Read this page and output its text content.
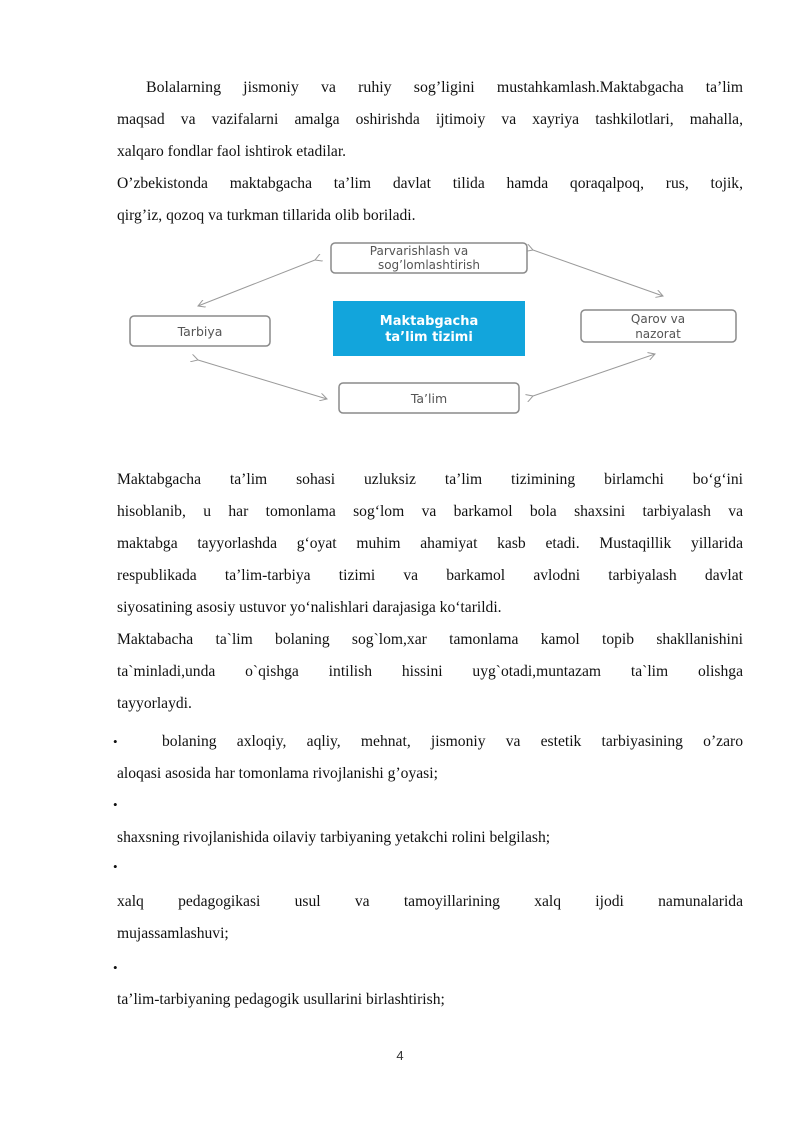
Bolalarning jismoniy va ruhiy sog’ligini mustahkamlash.Maktabgacha ta’lim
maqsad va vazifalarni amalga oshirishda ijtimoiy va xayriya tashkilotlari, mahalla,
xalqaro fondlar faol ishtirok etadilar.

O’zbekistonda maktabgacha ta’lim davlat tilida hamda qoraqalpoq, rus, tojik,
qirg’iz, qozoq va turkman tillarida olib boriladi.

Parvarishlash va
sog’lomlashtirish
Maktabgacha
ta’lim tizimi
Tarbiya
Qarov va
nazorat
Ta’lim

Maktabgacha ta’lim sohasi uzluksiz ta’lim tizimining birlamchi bo‘g‘ini
hisoblanib, u har tomonlama sog‘lom va barkamol bola shaxsini tarbiyalash va
maktabga tayyorlashda g‘oyat muhim ahamiyat kasb etadi. Mustaqillik yillarida
respublikada ta’lim-tarbiya tizimi va barkamol avlodni tarbiyalash davlat
siyosatining asosiy ustuvor yo‘nalishlari darajasiga ko‘tarildi.

Maktabacha ta`lim bolaning sog`lom,xar tamonlama kamol topib shakllanishini
ta`minladi,unda o`qishga intilish hissini uyg`otadi,muntazam ta`lim olishga
tayyorlaydi.

•	bolaning axloqiy, aqliy, mehnat, jismoniy va estetik tarbiyasining o’zaro

aloqasi asosida har tomonlama rivojlanishi g’oyasi;

•

shaxsning rivojlanishida oilaviy tarbiyaning yetakchi rolini belgilash;

•

xalq pedagogikasi usul va tamoyillarining xalq ijodi namunalarida
mujassamlashuvi;

•

ta’lim-tarbiyaning pedagogik usullarini birlashtirish;

4
